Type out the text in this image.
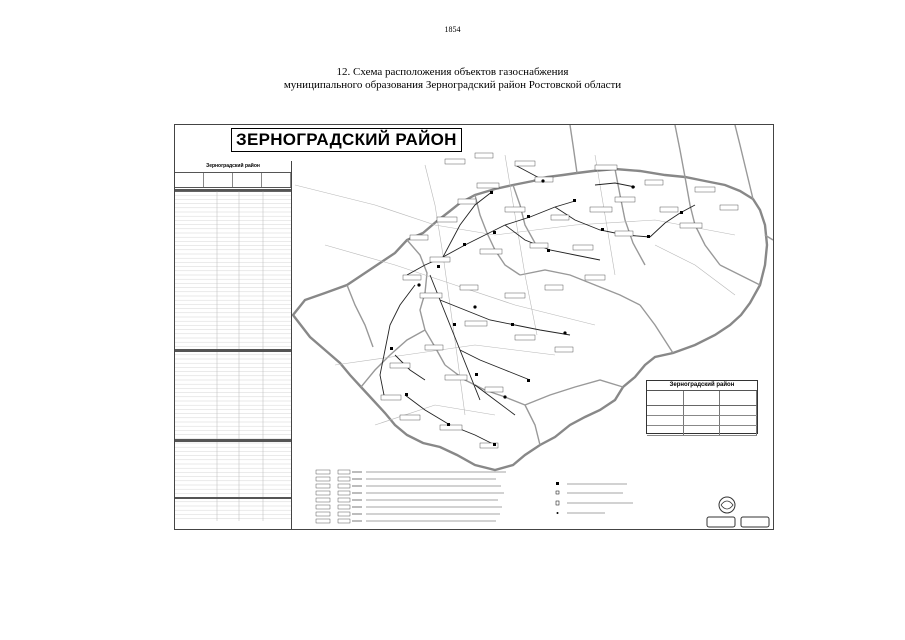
1854
12. Схема расположения объектов газоснабжения
муниципального образования Зерноградский район Ростовской области
ЗЕРНОГРАДСКИЙ РАЙОН
Зерноградский район
Зерноградский район
